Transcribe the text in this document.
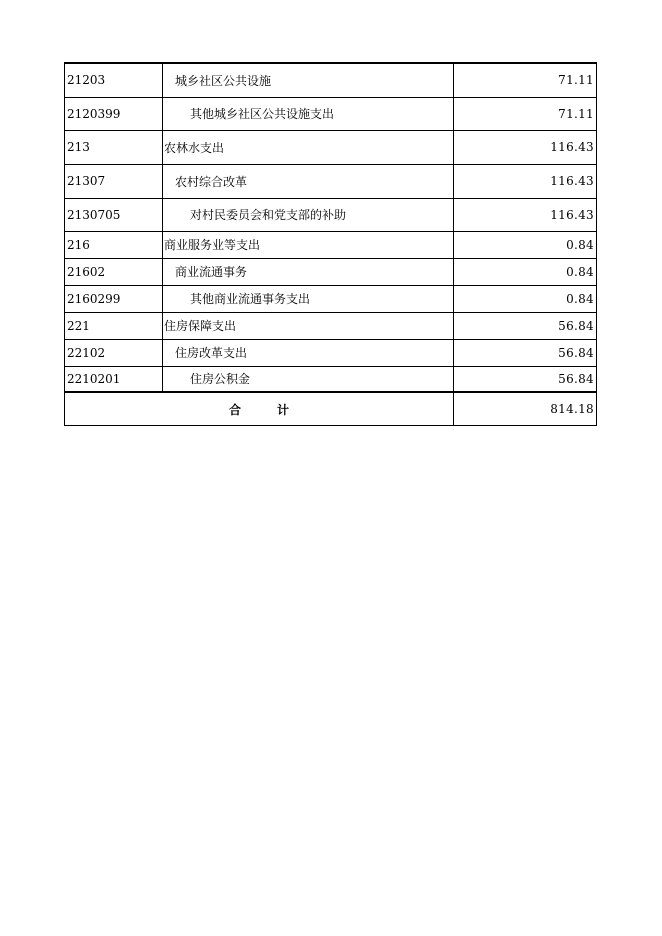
21203	城乡社区公共设施	71.11
2120399	其他城乡社区公共设施支出	71.11
213	农林水支出	116.43
21307	农村综合改革	116.43
2130705	对村民委员会和党支部的补助	116.43
216	商业服务业等支出	0.84
21602	商业流通事务	0.84
2160299	其他商业流通事务支出	0.84
221	住房保障支出	56.84
22102	住房改革支出	56.84
2210201	住房公积金	56.84
合　　　计		814.18
